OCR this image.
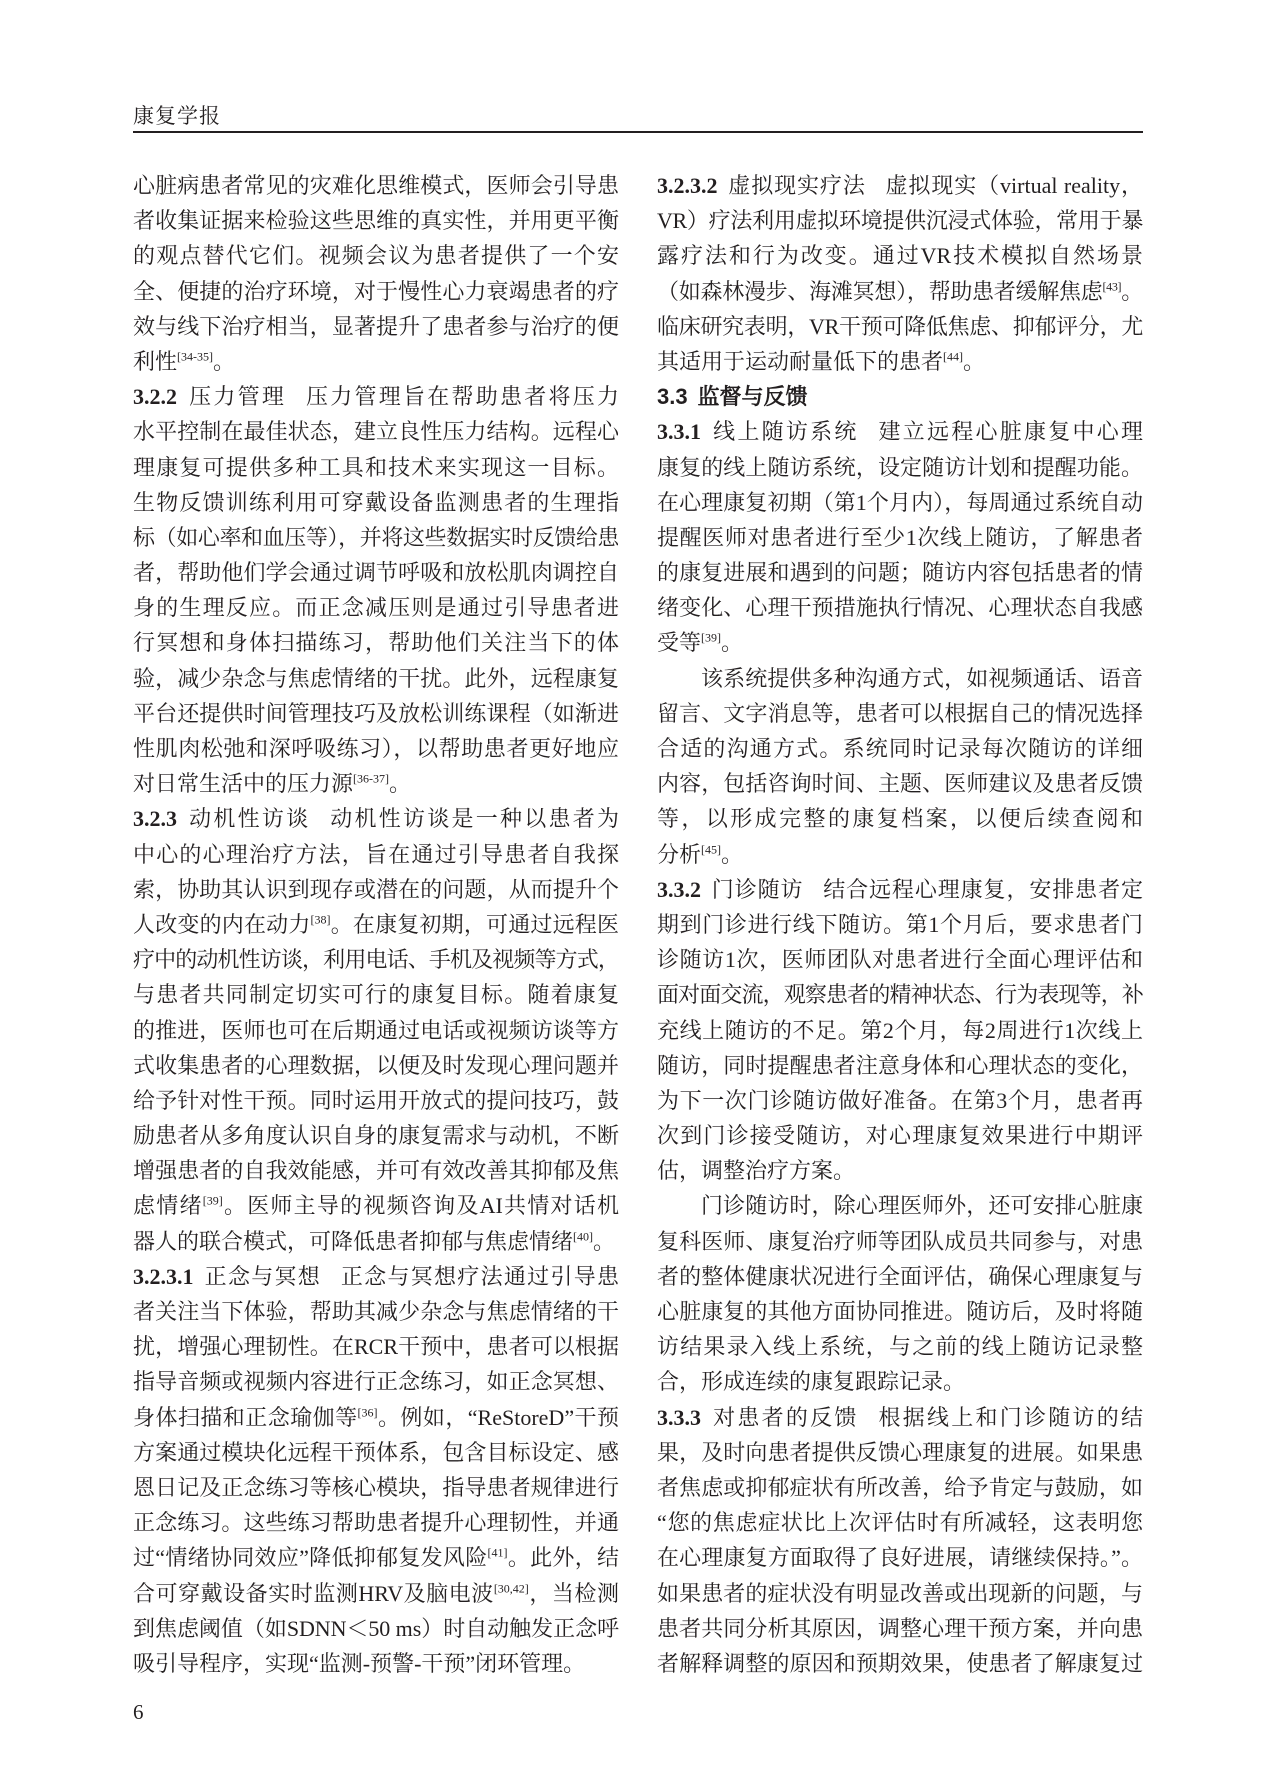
康复学报
心脏病患者常见的灾难化思维模式，医师会引导患
者收集证据来检验这些思维的真实性，并用更平衡
的观点替代它们。视频会议为患者提供了一个安
全、便捷的治疗环境，对于慢性心力衰竭患者的疗
效与线下治疗相当，显著提升了患者参与治疗的便
利性[34-35]。
3.2.2 压力管理 压力管理旨在帮助患者将压力
水平控制在最佳状态，建立良性压力结构。远程心
理康复可提供多种工具和技术来实现这一目标。
生物反馈训练利用可穿戴设备监测患者的生理指
标（如心率和血压等），并将这些数据实时反馈给患
者，帮助他们学会通过调节呼吸和放松肌肉调控自
身的生理反应。而正念减压则是通过引导患者进
行冥想和身体扫描练习，帮助他们关注当下的体
验，减少杂念与焦虑情绪的干扰。此外，远程康复
平台还提供时间管理技巧及放松训练课程（如渐进
性肌肉松弛和深呼吸练习），以帮助患者更好地应
对日常生活中的压力源[36-37]。
3.2.3 动机性访谈 动机性访谈是一种以患者为
中心的心理治疗方法，旨在通过引导患者自我探
索，协助其认识到现存或潜在的问题，从而提升个
人改变的内在动力[38]。在康复初期，可通过远程医
疗中的动机性访谈，利用电话、手机及视频等方式，
与患者共同制定切实可行的康复目标。随着康复
的推进，医师也可在后期通过电话或视频访谈等方
式收集患者的心理数据，以便及时发现心理问题并
给予针对性干预。同时运用开放式的提问技巧，鼓
励患者从多角度认识自身的康复需求与动机，不断
增强患者的自我效能感，并可有效改善其抑郁及焦
虑情绪[39]。医师主导的视频咨询及AI共情对话机
器人的联合模式，可降低患者抑郁与焦虑情绪[40]。
3.2.3.1 正念与冥想 正念与冥想疗法通过引导患
者关注当下体验，帮助其减少杂念与焦虑情绪的干
扰，增强心理韧性。在RCR干预中，患者可以根据
指导音频或视频内容进行正念练习，如正念冥想、
身体扫描和正念瑜伽等[36]。例如，“ReStoreD”干预
方案通过模块化远程干预体系，包含目标设定、感
恩日记及正念练习等核心模块，指导患者规律进行
正念练习。这些练习帮助患者提升心理韧性，并通
过“情绪协同效应”降低抑郁复发风险[41]。此外，结
合可穿戴设备实时监测HRV及脑电波[30,42]，当检测
到焦虑阈值（如SDNN＜50 ms）时自动触发正念呼
吸引导程序，实现“监测-预警-干预”闭环管理。
3.2.3.2 虚拟现实疗法 虚拟现实（virtual reality，
VR）疗法利用虚拟环境提供沉浸式体验，常用于暴
露疗法和行为改变。通过VR技术模拟自然场景
（如森林漫步、海滩冥想），帮助患者缓解焦虑[43]。
临床研究表明，VR干预可降低焦虑、抑郁评分，尤
其适用于运动耐量低下的患者[44]。
3.3 监督与反馈
3.3.1 线上随访系统 建立远程心脏康复中心理
康复的线上随访系统，设定随访计划和提醒功能。
在心理康复初期（第1个月内），每周通过系统自动
提醒医师对患者进行至少1次线上随访，了解患者
的康复进展和遇到的问题；随访内容包括患者的情
绪变化、心理干预措施执行情况、心理状态自我感
受等[39]。
该系统提供多种沟通方式，如视频通话、语音
留言、文字消息等，患者可以根据自己的情况选择
合适的沟通方式。系统同时记录每次随访的详细
内容，包括咨询时间、主题、医师建议及患者反馈
等，以形成完整的康复档案，以便后续查阅和
分析[45]。
3.3.2 门诊随访 结合远程心理康复，安排患者定
期到门诊进行线下随访。第1个月后，要求患者门
诊随访1次，医师团队对患者进行全面心理评估和
面对面交流，观察患者的精神状态、行为表现等，补
充线上随访的不足。第2个月，每2周进行1次线上
随访，同时提醒患者注意身体和心理状态的变化，
为下一次门诊随访做好准备。在第3个月，患者再
次到门诊接受随访，对心理康复效果进行中期评
估，调整治疗方案。
门诊随访时，除心理医师外，还可安排心脏康
复科医师、康复治疗师等团队成员共同参与，对患
者的整体健康状况进行全面评估，确保心理康复与
心脏康复的其他方面协同推进。随访后，及时将随
访结果录入线上系统，与之前的线上随访记录整
合，形成连续的康复跟踪记录。
3.3.3 对患者的反馈 根据线上和门诊随访的结
果，及时向患者提供反馈心理康复的进展。如果患
者焦虑或抑郁症状有所改善，给予肯定与鼓励，如
“您的焦虑症状比上次评估时有所减轻，这表明您
在心理康复方面取得了良好进展，请继续保持。”。
如果患者的症状没有明显改善或出现新的问题，与
患者共同分析其原因，调整心理干预方案，并向患
者解释调整的原因和预期效果，使患者了解康复过
6
